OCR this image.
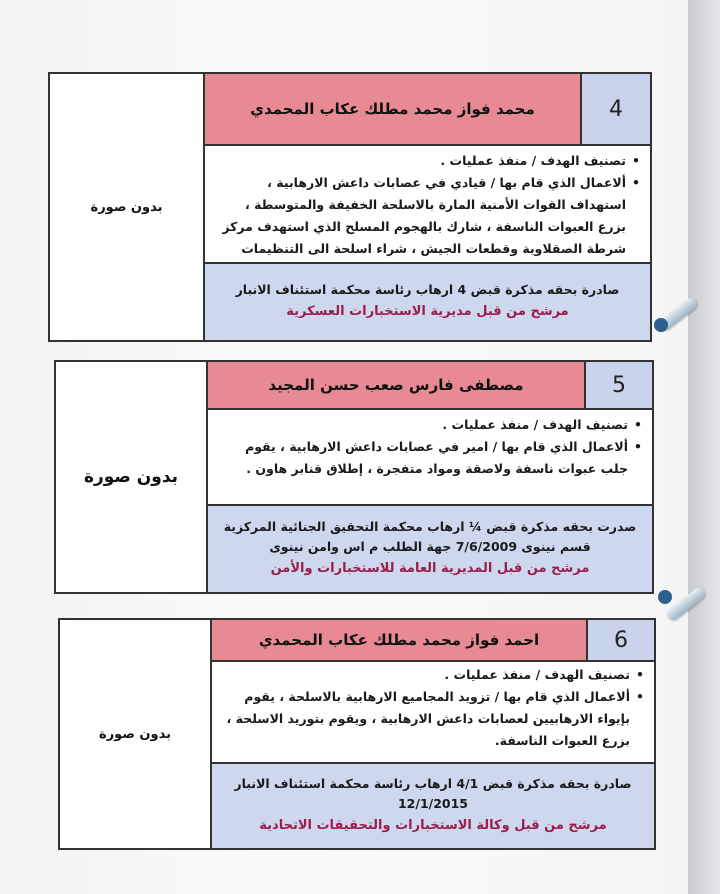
بدون صورة
4
محمد فواز محمد مطلك عكاب المحمدي
• تصنيف الهدف / منفذ عمليات .
• ألاعمال الذي قام بها / قيادي في عصابات داعش الارهابية ، استهداف القوات الأمنية المارة بالاسلحة الخفيفة والمتوسطة ، بزرع العبوات الناسفة ، شارك بالهجوم المسلح الذي استهدف مركز شرطة الصقلاوية وقطعات الجيش ، شراء اسلحة الى التنظيمات
صادرة بحقه مذكرة قبض 4 ارهاب رئاسة محكمة استئناف الانبار
مرشح من قبل مديرية الاستخبارات العسكرية
بدون صورة
5
مصطفى فارس صعب حسن المجيد
• تصنيف الهدف / منفذ عمليات .
• ألاعمال الذي قام بها / امير في عصابات داعش الارهابية ، يقوم جلب عبوات ناسفة ولاصقة ومواد متفجرة ، إطلاق قنابر هاون .
صدرت بحقه مذكرة قبض ¼ ارهاب محكمة التحقيق الجنائية المركزية قسم نينوى 7/6/2009 جهة الطلب م اس وامن نينوى
مرشح من قبل المديرية العامة للاستخبارات والأمن
بدون صورة
6
احمد فواز محمد مطلك عكاب المحمدي
• تصنيف الهدف / منفذ عمليات .
• ألاعمال الذي قام بها / تزويد المجاميع الارهابية بالاسلحة ، يقوم بإيواء الارهابيين لعصابات داعش الارهابية ، ويقوم بتوريد الاسلحة ، بزرع العبوات الناسفة.
صادرة بحقه مذكرة قبض 4/1 ارهاب رئاسة محكمة استئناف الانبار 12/1/2015
مرشح من قبل وكالة الاستخبارات والتحقيقات الاتحادية
